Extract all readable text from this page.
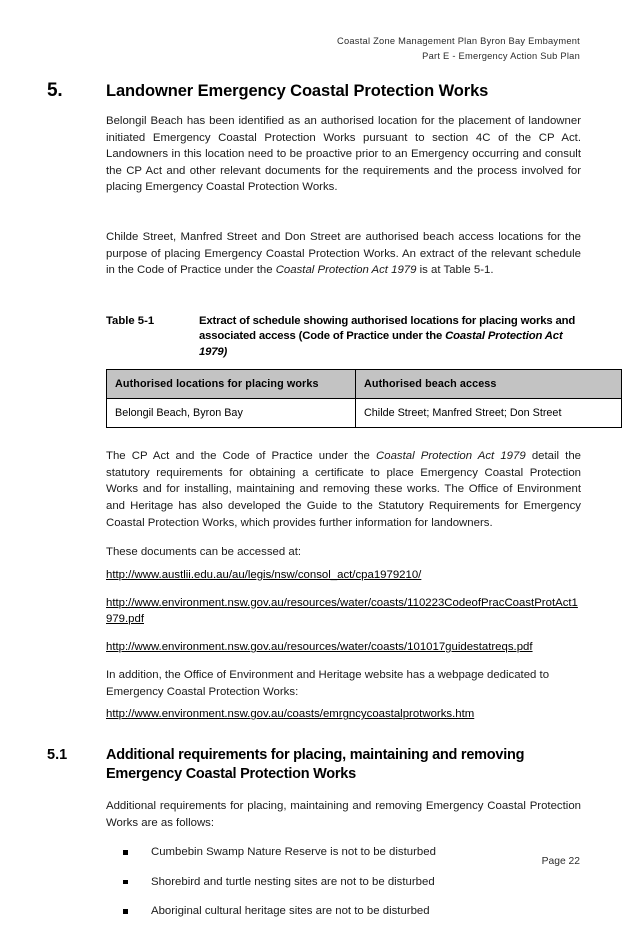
Coastal Zone Management Plan Byron Bay Embayment
Part E - Emergency Action Sub Plan
5.	Landowner Emergency Coastal Protection Works

Belongil Beach has been identified as an authorised location for the placement of landowner initiated Emergency Coastal Protection Works pursuant to section 4C of the CP Act. Landowners in this location need to be proactive prior to an Emergency occurring and consult the CP Act and other relevant documents for the requirements and the process involved for placing Emergency Coastal Protection Works.

Childe Street, Manfred Street and Don Street are authorised beach access locations for the purpose of placing Emergency Coastal Protection Works. An extract of the relevant schedule in the Code of Practice under the Coastal Protection Act 1979 is at Table 5-1.

Table 5-1	Extract of schedule showing authorised locations for placing works and associated access (Code of Practice under the Coastal Protection Act 1979)
Authorised locations for placing works	Authorised beach access
Belongil Beach, Byron Bay	Childe Street; Manfred Street; Don Street

The CP Act and the Code of Practice under the Coastal Protection Act 1979 detail the statutory requirements for obtaining a certificate to place Emergency Coastal Protection Works and for installing, maintaining and removing these works. The Office of Environment and Heritage has also developed the Guide to the Statutory Requirements for Emergency Coastal Protection Works, which provides further information for landowners.

These documents can be accessed at:

http://www.austlii.edu.au/au/legis/nsw/consol_act/cpa1979210/

http://www.environment.nsw.gov.au/resources/water/coasts/110223CodeofPracCoastProtAct1979.pdf

http://www.environment.nsw.gov.au/resources/water/coasts/101017guidestatreqs.pdf

In addition, the Office of Environment and Heritage website has a webpage dedicated to Emergency Coastal Protection Works:

http://www.environment.nsw.gov.au/coasts/emrgncycoastalprotworks.htm

5.1	Additional requirements for placing, maintaining and removing Emergency Coastal Protection Works

Additional requirements for placing, maintaining and removing Emergency Coastal Protection Works are as follows:

Cumbebin Swamp Nature Reserve is not to be disturbed
Shorebird and turtle nesting sites are not to be disturbed
Aboriginal cultural heritage sites are not to be disturbed
Page 22
